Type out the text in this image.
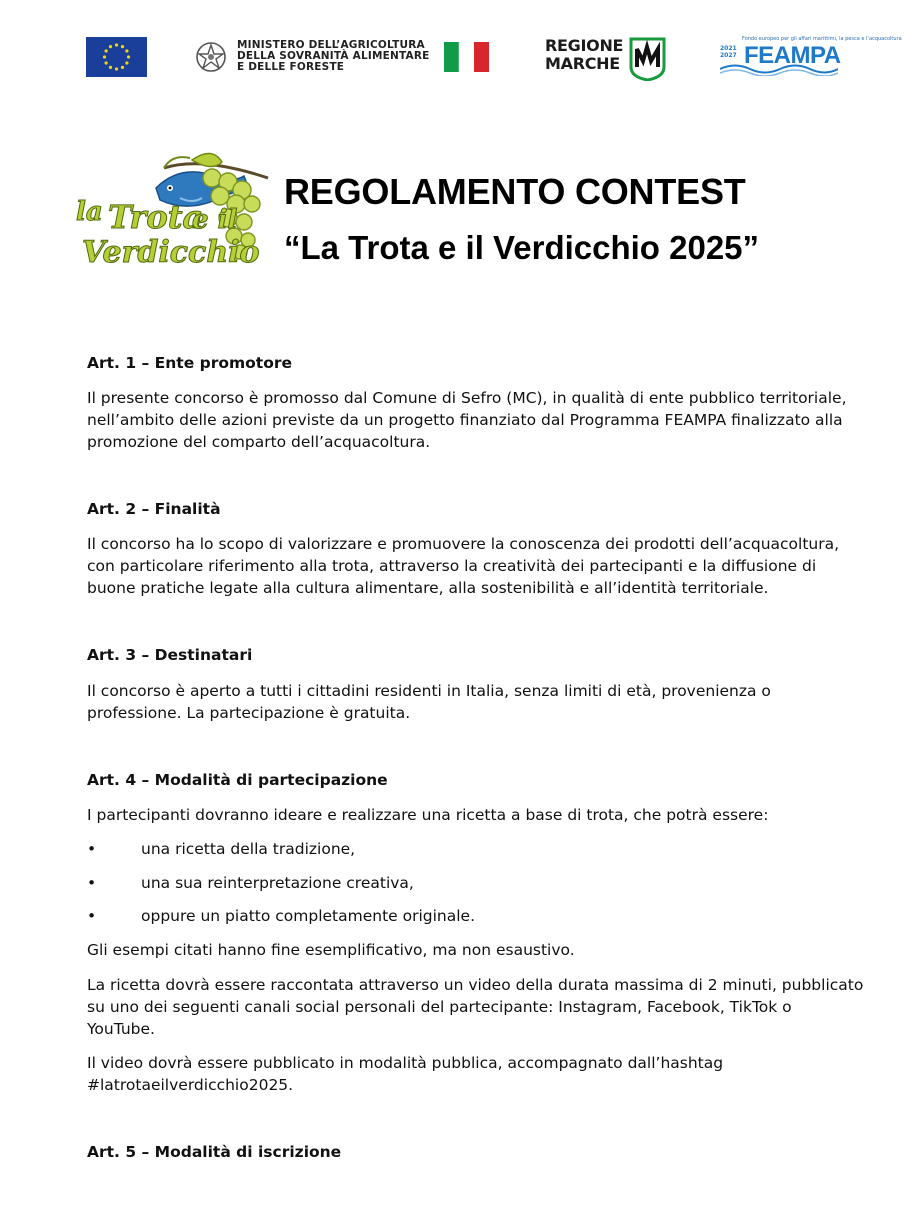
MINISTERO DELL’AGRICOLTURA
DELLA SOVRANITÀ ALIMENTARE
E DELLE FORESTE
REGIONE
MARCHE
Fondo europeo per gli affari marittimi, la pesca e l’acquacoltura
2021
2027 FEAMPA
la Trota
e il
Verdicchio
REGOLAMENTO CONTEST
“La Trota e il Verdicchio 2025”
Art. 1 – Ente promotore
Il presente concorso è promosso dal Comune di Sefro (MC), in qualità di ente pubblico territoriale,
nell’ambito delle azioni previste da un progetto finanziato dal Programma FEAMPA finalizzato alla
promozione del comparto dell’acquacoltura.
Art. 2 – Finalità
Il concorso ha lo scopo di valorizzare e promuovere la conoscenza dei prodotti dell’acquacoltura,
con particolare riferimento alla trota, attraverso la creatività dei partecipanti e la diffusione di
buone pratiche legate alla cultura alimentare, alla sostenibilità e all’identità territoriale.
Art. 3 – Destinatari
Il concorso è aperto a tutti i cittadini residenti in Italia, senza limiti di età, provenienza o
professione. La partecipazione è gratuita.
Art. 4 – Modalità di partecipazione
I partecipanti dovranno ideare e realizzare una ricetta a base di trota, che potrà essere:
•	una ricetta della tradizione,
•	una sua reinterpretazione creativa,
•	oppure un piatto completamente originale.
Gli esempi citati hanno fine esemplificativo, ma non esaustivo.
La ricetta dovrà essere raccontata attraverso un video della durata massima di 2 minuti, pubblicato
su uno dei seguenti canali social personali del partecipante: Instagram, Facebook, TikTok o
YouTube.
Il video dovrà essere pubblicato in modalità pubblica, accompagnato dall’hashtag
#latrotaeilverdicchio2025.
Art. 5 – Modalità di iscrizione
